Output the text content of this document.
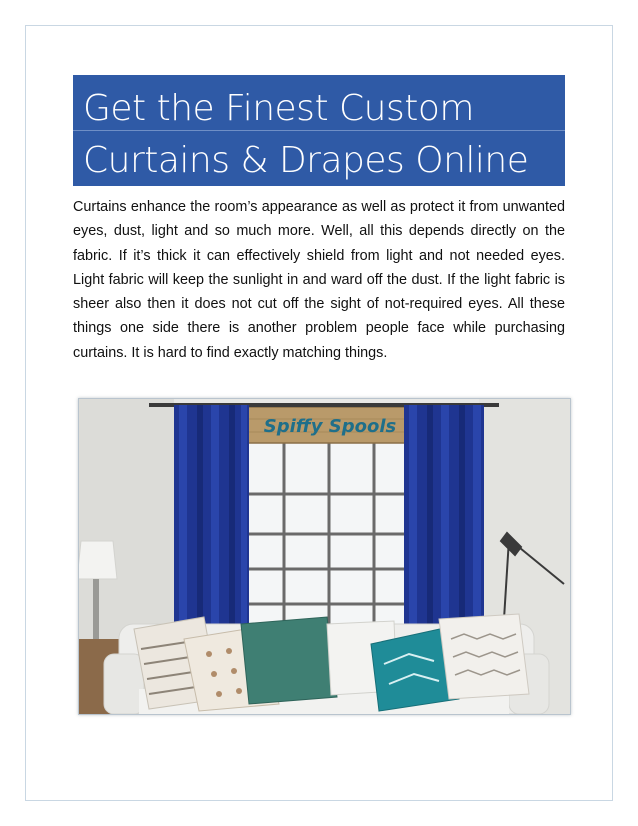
Get the Finest Custom
Curtains & Drapes Online

Curtains enhance the room’s appearance as well as protect it from unwanted eyes, dust, light and so much more. Well, all this depends directly on the fabric. If it’s thick it can effectively shield from light and not needed eyes. Light fabric will keep the sunlight in and ward off the dust. If the light fabric is sheer also then it does not cut off the sight of not-required eyes. All these things one side there is another problem people face while purchasing curtains. It is hard to find exactly matching things.

Spiffy Spools
